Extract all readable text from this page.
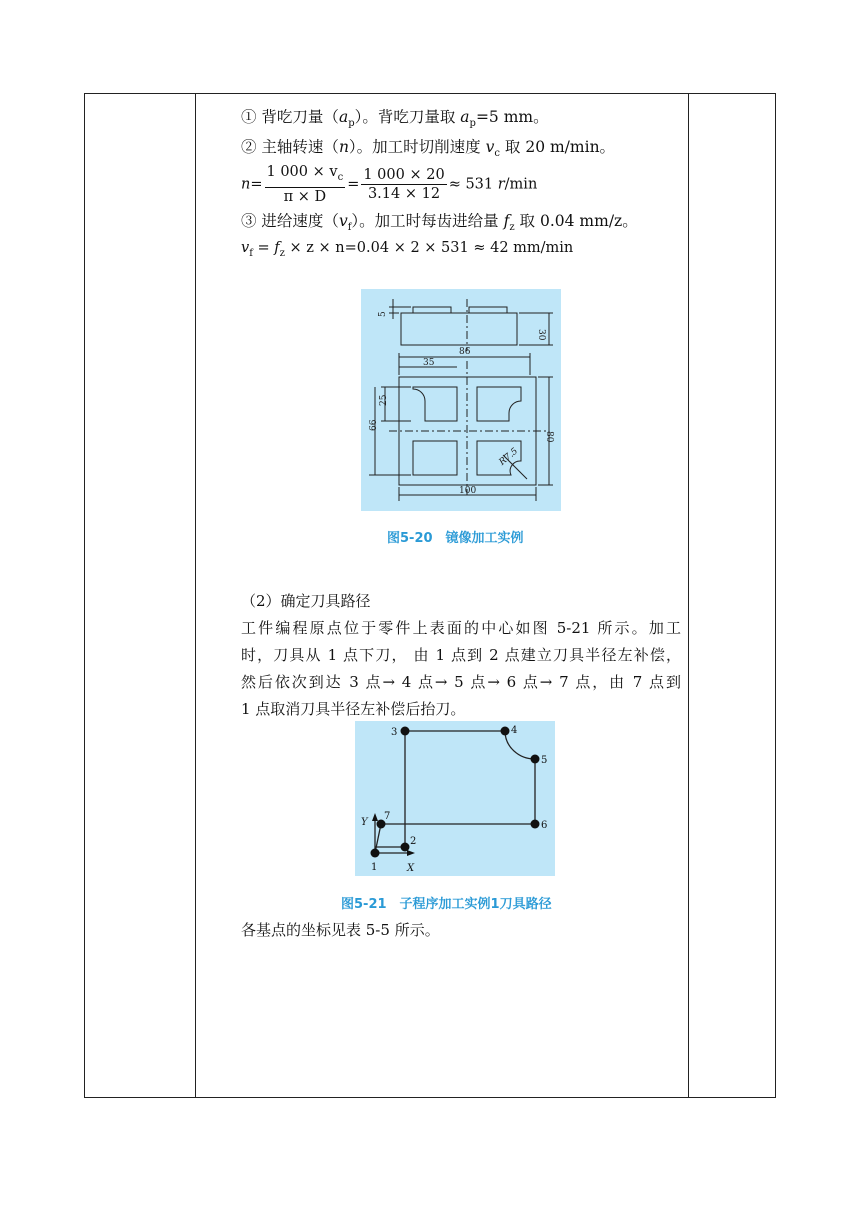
① 背吃刀量$(a_p)$。背吃刀量取 $a_p=5$ mm。
② 主轴转速（n）。加工时切削速度 $v_c$ 取 20 m/min。
$n= \frac{1 000 \times v_c}{\pi \times D} = \frac{1 000 \times 20}{3.14 \times 12} \approx 531$ r/min
③ 进给速度$(v_f)$。加工时每齿进给量 $f_z$ 取 0.04 mm/z。
$v_f = f_z \times z \times n=0.04 \times 2 \times 531 \approx 42$ mm/min
5
30
86
35
25
66
80
100
R7.5
图5-20　镜像加工实例
（2）确定刀具路径
工件编程原点位于零件上表面的中心如图 5-21 所示。加工
时，刀具从 1 点下刀， 由 1 点到 2 点建立刀具半径左补偿，
然后依次到达 3 点→ 4 点→ 5 点→ 6 点→ 7 点，由 7 点到
1 点取消刀具半径左补偿后抬刀。
1
2
3	4
5
6
7
X
Y
图5-21　子程序加工实例1刀具路径
各基点的坐标见表 5-5 所示。
